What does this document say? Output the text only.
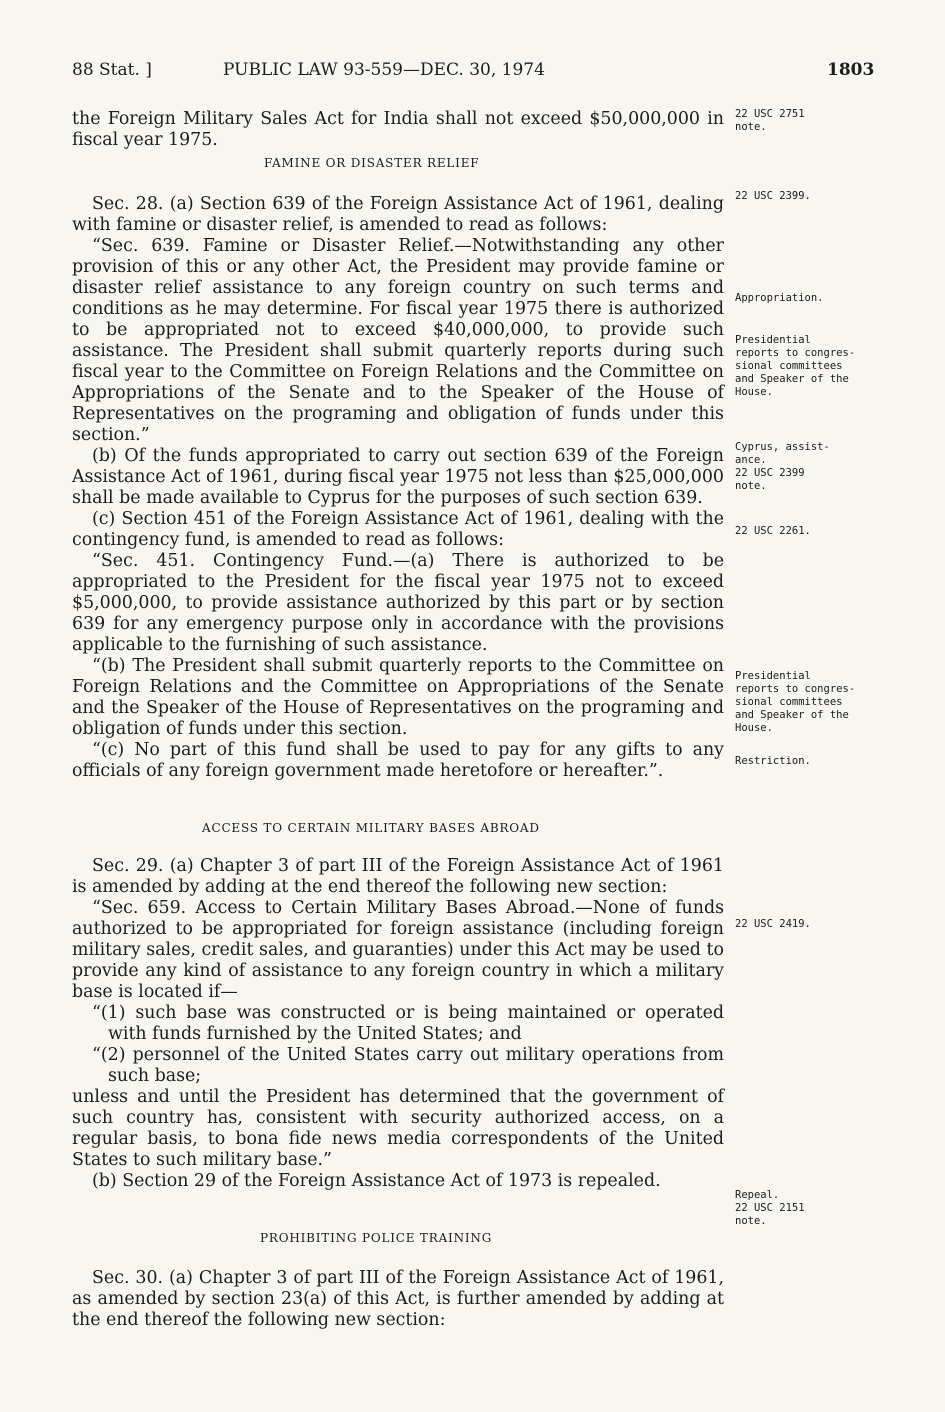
88 Stat. ]	PUBLIC LAW 93-559—DEC. 30, 1974	1803

the Foreign Military Sales Act for India shall not exceed $50,000,000 in fiscal year 1975.

FAMINE OR DISASTER RELIEF

Sec. 28. (a) Section 639 of the Foreign Assistance Act of 1961, dealing with famine or disaster relief, is amended to read as follows:

“Sec. 639. Famine or Disaster Relief.—Notwithstanding any other provision of this or any other Act, the President may provide famine or disaster relief assistance to any foreign country on such terms and conditions as he may determine. For fiscal year 1975 there is authorized to be appropriated not to exceed $40,000,000, to provide such assistance. The President shall submit quarterly reports during such fiscal year to the Committee on Foreign Relations and the Committee on Appropriations of the Senate and to the Speaker of the House of Representatives on the programing and obligation of funds under this section.”

(b) Of the funds appropriated to carry out section 639 of the Foreign Assistance Act of 1961, during fiscal year 1975 not less than $25,000,000 shall be made available to Cyprus for the purposes of such section 639.

(c) Section 451 of the Foreign Assistance Act of 1961, dealing with the contingency fund, is amended to read as follows:

“Sec. 451. Contingency Fund.—(a) There is authorized to be appropriated to the President for the fiscal year 1975 not to exceed $5,000,000, to provide assistance authorized by this part or by section 639 for any emergency purpose only in accordance with the provisions applicable to the furnishing of such assistance.

“(b) The President shall submit quarterly reports to the Committee on Foreign Relations and the Committee on Appropriations of the Senate and the Speaker of the House of Representatives on the programing and obligation of funds under this section.

“(c) No part of this fund shall be used to pay for any gifts to any officials of any foreign government made heretofore or hereafter.”.

ACCESS TO CERTAIN MILITARY BASES ABROAD

Sec. 29. (a) Chapter 3 of part III of the Foreign Assistance Act of 1961 is amended by adding at the end thereof the following new section:

“Sec. 659. Access to Certain Military Bases Abroad.—None of funds authorized to be appropriated for foreign assistance (including foreign military sales, credit sales, and guaranties) under this Act may be used to provide any kind of assistance to any foreign country in which a military base is located if—

“(1) such base was constructed or is being maintained or operated with funds furnished by the United States; and

“(2) personnel of the United States carry out military operations from such base;

unless and until the President has determined that the government of such country has, consistent with security authorized access, on a regular basis, to bona fide news media correspondents of the United States to such military base.”

(b) Section 29 of the Foreign Assistance Act of 1973 is repealed.

PROHIBITING POLICE TRAINING

Sec. 30. (a) Chapter 3 of part III of the Foreign Assistance Act of 1961, as amended by section 23(a) of this Act, is further amended by adding at the end thereof the following new section:

22 USC 2751
note.
22 USC 2399.
Appropriation.
Presidential
reports to congres-
sional committees
and Speaker of the
House.
Cyprus, assist-
ance.
22 USC 2399
note.
22 USC 2261.
Presidential
reports to congres-
sional committees
and Speaker of the
House.
Restriction.
22 USC 2419.
Repeal.
22 USC 2151
note.
